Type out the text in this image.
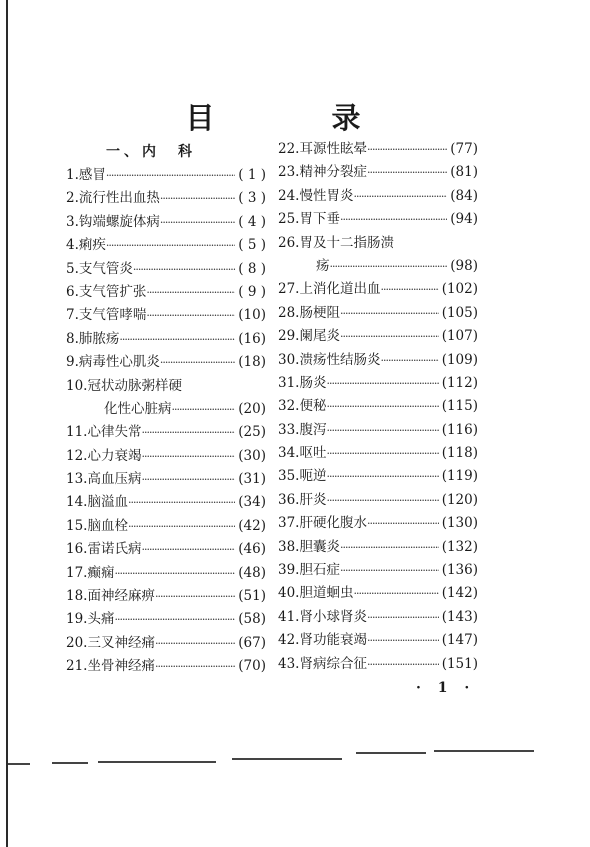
目　录
一、内　科
1. 感冒 ·····	( 1 )
2. 流行性出血热 ·····	( 3 )
3. 钩端螺旋体病 ·····	( 4 )
4. 痢疾 ·····	( 5 )
5. 支气管炎 ·····	( 8 )
6. 支气管扩张 ·····	( 9 )
7. 支气管哮喘 ·····	(10)
8. 肺脓疡 ·····	(16)
9. 病毒性心肌炎 ·····	(18)
10. 冠状动脉粥样硬
化性心脏病 ·····	(20)
11. 心律失常 ·····	(25)
12. 心力衰竭 ·····	(30)
13. 高血压病 ·····	(31)
14. 脑溢血 ·····	(34)
15. 脑血栓 ·····	(42)
16. 雷诺氏病 ·····	(46)
17. 癫痫 ·····	(48)
18. 面神经麻痹 ·····	(51)
19. 头痛 ·····	(58)
20. 三叉神经痛 ·····	(67)
21. 坐骨神经痛 ·····	(70)
22. 耳源性眩晕 ·····	(77)
23. 精神分裂症 ·····	(81)
24. 慢性胃炎 ·····	(84)
25. 胃下垂 ·····	(94)
26. 胃及十二指肠溃
疡 ·····	(98)
27. 上消化道出血 ·····	(102)
28. 肠梗阻 ·····	(105)
29. 阑尾炎 ·····	(107)
30. 溃疡性结肠炎 ·····	(109)
31. 肠炎 ·····	(112)
32. 便秘 ·····	(115)
33. 腹泻 ·····	(116)
34. 呕吐 ·····	(118)
35. 呃逆 ·····	(119)
36. 肝炎 ·····	(120)
37. 肝硬化腹水 ·····	(130)
38. 胆囊炎 ·····	(132)
39. 胆石症 ·····	(136)
40. 胆道蛔虫 ·····	(142)
41. 肾小球肾炎 ·····	(143)
42. 肾功能衰竭 ·····	(147)
43. 肾病综合征 ·····	(151)
· 1 ·
